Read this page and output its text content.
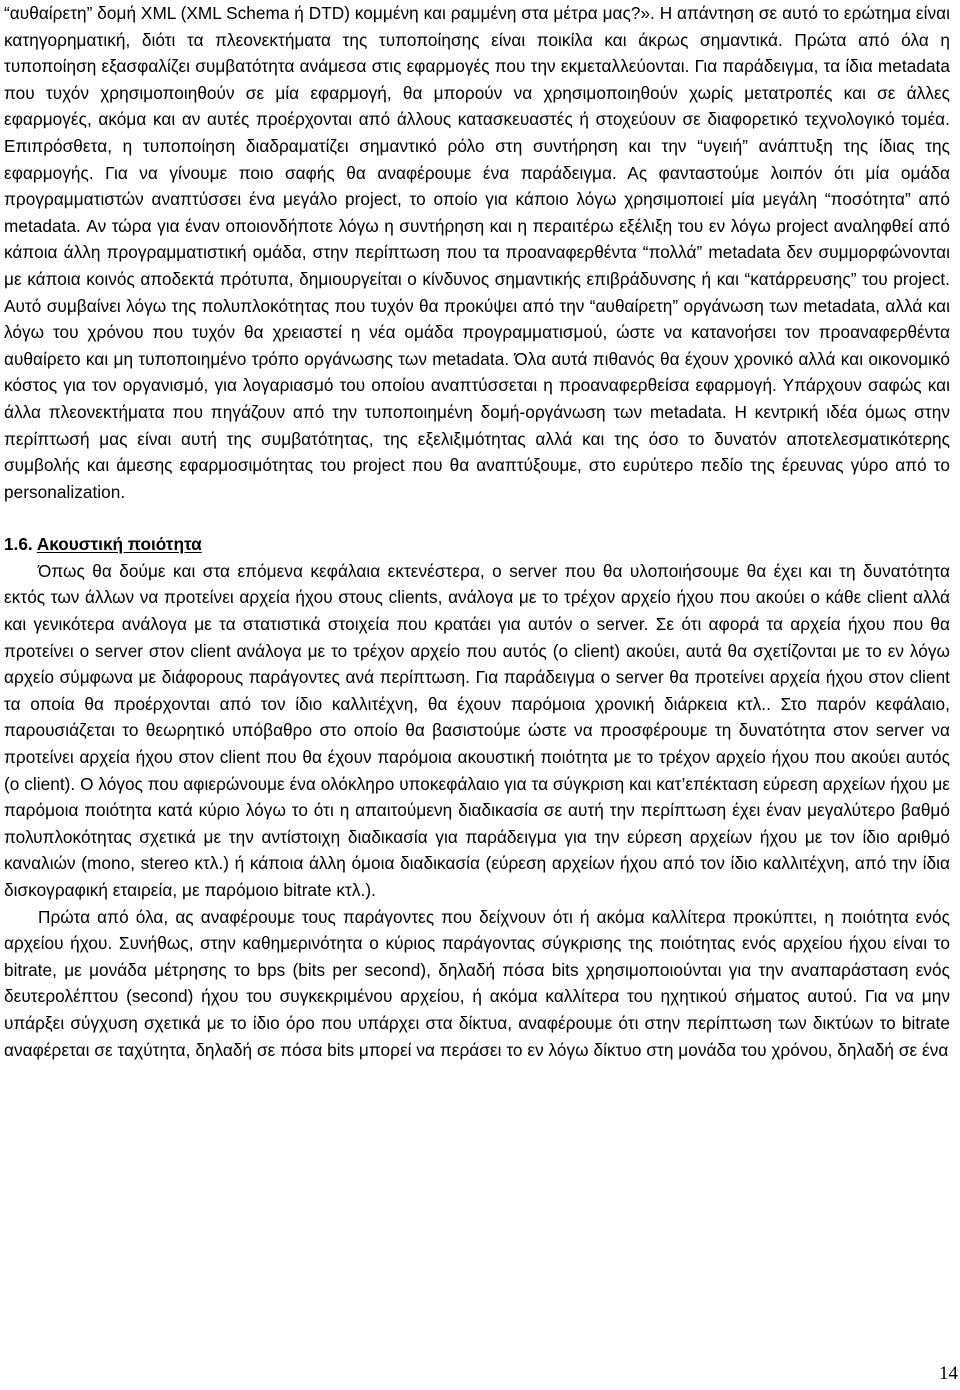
“αυθαίρετη” δομή XML (XML Schema ή DTD) κομμένη και ραμμένη στα μέτρα μας?». Η απάντηση σε αυτό το ερώτημα είναι κατηγορηματική, διότι τα πλεονεκτήματα της τυποποίησης είναι ποικίλα και άκρως σημαντικά. Πρώτα από όλα η τυποποίηση εξασφαλίζει συμβατότητα ανάμεσα στις εφαρμογές που την εκμεταλλεύονται. Για παράδειγμα, τα ίδια metadata που τυχόν χρησιμοποιηθούν σε μία εφαρμογή, θα μπορούν να χρησιμοποιηθούν χωρίς μετατροπές και σε άλλες εφαρμογές, ακόμα και αν αυτές προέρχονται από άλλους κατασκευαστές ή στοχεύουν σε διαφορετικό τεχνολογικό τομέα. Επιπρόσθετα, η τυποποίηση διαδραματίζει σημαντικό ρόλο στη συντήρηση και την “υγειή” ανάπτυξη της ίδιας της εφαρμογής. Για να γίνουμε ποιο σαφής θα αναφέρουμε ένα παράδειγμα. Ας φανταστούμε λοιπόν ότι μία ομάδα προγραμματιστών αναπτύσσει ένα μεγάλο project, το οποίο για κάποιο λόγω χρησιμοποιεί μία μεγάλη “ποσότητα” από metadata. Αν τώρα για έναν οποιονδήποτε λόγω η συντήρηση και η περαιτέρω εξέλιξη του εν λόγω project αναληφθεί από κάποια άλλη προγραμματιστική ομάδα, στην περίπτωση που τα προαναφερθέντα “πολλά” metadata δεν συμμορφώνονται με κάποια κοινός αποδεκτά πρότυπα, δημιουργείται ο κίνδυνος σημαντικής επιβράδυνσης ή και “κατάρρευσης” του project. Αυτό συμβαίνει λόγω της πολυπλοκότητας που τυχόν θα προκύψει από την “αυθαίρετη” οργάνωση των metadata, αλλά και λόγω του χρόνου που τυχόν θα χρειαστεί η νέα ομάδα προγραμματισμού, ώστε να κατανοήσει τον προαναφερθέντα αυθαίρετο και μη τυποποιημένο τρόπο οργάνωσης των metadata. Όλα αυτά πιθανός θα έχουν χρονικό αλλά και οικονομικό κόστος για τον οργανισμό, για λογαριασμό του οποίου αναπτύσσεται η προαναφερθείσα εφαρμογή. Υπάρχουν σαφώς και άλλα πλεονεκτήματα που πηγάζουν από την τυποποιημένη δομή-οργάνωση των metadata. Η κεντρική ιδέα όμως στην περίπτωσή μας είναι αυτή της συμβατότητας, της εξελιξιμότητας αλλά και της όσο το δυνατόν αποτελεσματικότερης συμβολής και άμεσης εφαρμοσιμότητας του project που θα αναπτύξουμε, στο ευρύτερο πεδίο της έρευνας γύρο από το personalization.

1.6. Ακουστική ποιότητα

Όπως θα δούμε και στα επόμενα κεφάλαια εκτενέστερα, ο server που θα υλοποιήσουμε θα έχει και τη δυνατότητα εκτός των άλλων να προτείνει αρχεία ήχου στους clients, ανάλογα με το τρέχον αρχείο ήχου που ακούει ο κάθε client αλλά και γενικότερα ανάλογα με τα στατιστικά στοιχεία που κρατάει για αυτόν ο server. Σε ότι αφορά τα αρχεία ήχου που θα προτείνει ο server στον client ανάλογα με το τρέχον αρχείο που αυτός (ο client) ακούει, αυτά θα σχετίζονται με το εν λόγω αρχείο σύμφωνα με διάφορους παράγοντες ανά περίπτωση. Για παράδειγμα ο server θα προτείνει αρχεία ήχου στον client τα οποία θα προέρχονται από τον ίδιο καλλιτέχνη, θα έχουν παρόμοια χρονική διάρκεια κτλ.. Στο παρόν κεφάλαιο, παρουσιάζεται το θεωρητικό υπόβαθρο στο οποίο θα βασιστούμε ώστε να προσφέρουμε τη δυνατότητα στον server να προτείνει αρχεία ήχου στον client που θα έχουν παρόμοια ακουστική ποιότητα με το τρέχον αρχείο ήχου που ακούει αυτός (ο client). Ο λόγος που αφιερώνουμε ένα ολόκληρο υποκεφάλαιο για τα σύγκριση και κατ’επέκταση εύρεση αρχείων ήχου με παρόμοια ποιότητα κατά κύριο λόγω το ότι η απαιτούμενη διαδικασία σε αυτή την περίπτωση έχει έναν μεγαλύτερο βαθμό πολυπλοκότητας σχετικά με την αντίστοιχη διαδικασία για παράδειγμα για την εύρεση αρχείων ήχου με τον ίδιο αριθμό καναλιών (mono, stereo κτλ.) ή κάποια άλλη όμοια διαδικασία (εύρεση αρχείων ήχου από τον ίδιο καλλιτέχνη, από την ίδια δισκογραφική εταιρεία, με παρόμοιο bitrate κτλ.).

Πρώτα από όλα, ας αναφέρουμε τους παράγοντες που δείχνουν ότι ή ακόμα καλλίτερα προκύπτει, η ποιότητα ενός αρχείου ήχου. Συνήθως, στην καθημερινότητα ο κύριος παράγοντας σύγκρισης της ποιότητας ενός αρχείου ήχου είναι το bitrate, με μονάδα μέτρησης το bps (bits per second), δηλαδή πόσα bits χρησιμοποιούνται για την αναπαράσταση ενός δευτερολέπτου (second) ήχου του συγκεκριμένου αρχείου, ή ακόμα καλλίτερα του ηχητικού σήματος αυτού. Για να μην υπάρξει σύγχυση σχετικά με το ίδιο όρο που υπάρχει στα δίκτυα, αναφέρουμε ότι στην περίπτωση των δικτύων το bitrate αναφέρεται σε ταχύτητα, δηλαδή σε πόσα bits μπορεί να περάσει το εν λόγω δίκτυο στη μονάδα του χρόνου, δηλαδή σε ένα

14
